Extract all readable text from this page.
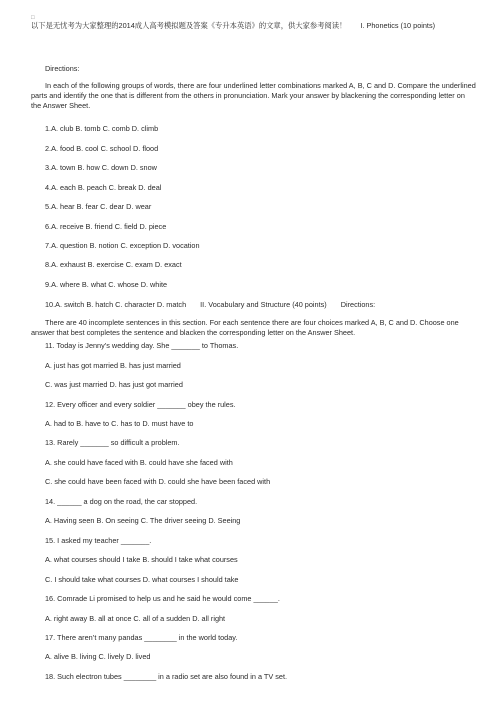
□

以下是无忧考为大家整理的2014成人高考模拟题及答案《专升本英语》的文章，供大家参考阅读！ I. Phonetics (10 points)

Directions:

In each of the following groups of words, there are four underlined letter combinations marked A, B, C and D. Compare the underlined parts and identify the one that is different from the others in pronunciation. Mark your answer by blackening the corresponding letter on the Answer Sheet.

1.A. club B. tomb C. comb D. climb

2.A. food B. cool C. school D. flood

3.A. town B. how C. down D. snow

4.A. each B. peach C. break D. deal

5.A. hear B. fear C. dear D. wear

6.A. receive B. friend C. field D. piece

7.A. question B. notion C. exception D. vocation

8.A. exhaust B. exercise C. exam D. exact

9.A. where B. what C. whose D. white

10.A. switch B. hatch C. character D. match II. Vocabulary and Structure (40 points) Directions:

There are 40 incomplete sentences in this section. For each sentence there are four choices marked A, B, C and D. Choose one answer that best completes the sentence and blacken the corresponding letter on the Answer Sheet.

11. Today is Jenny’s wedding day. She _______ to Thomas.

A. just has got married B. has just married

C. was just married D. has just got married

12. Every officer and every soldier _______ obey the rules.

A. had to B. have to C. has to D. must have to

13. Rarely _______ so difficult a problem.

A. she could have faced with B. could have she faced with

C. she could have been faced with D. could she have been faced with

14. ______ a dog on the road, the car stopped.

A. Having seen B. On seeing C. The driver seeing D. Seeing

15. I asked my teacher _______.

A. what courses should I take B. should I take what courses

C. I should take what courses D. what courses I should take

16. Comrade Li promised to help us and he said he would come ______.

A. right away B. all at once C. all of a sudden D. all right

17. There aren’t many pandas ________ in the world today.

A. alive B. living C. lively D. lived

18. Such electron tubes ________ in a radio set are also found in a TV set.
